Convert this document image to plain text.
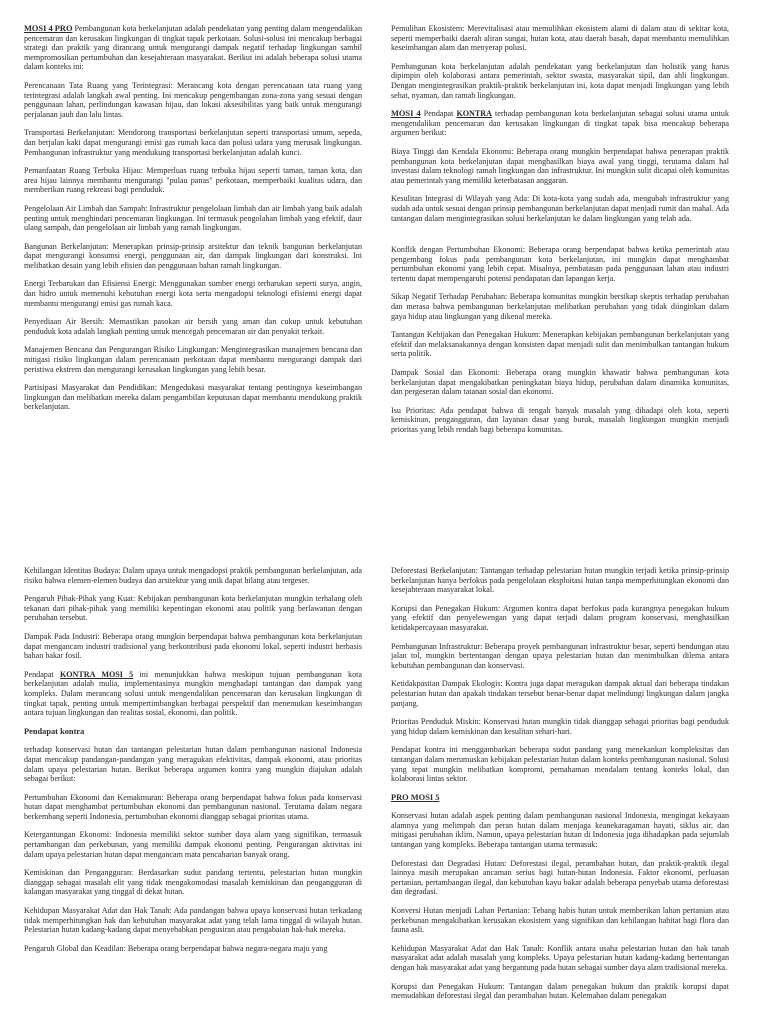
MOSI 4 PRO Pembangunan kota berkelanjutan adalah pendekatan yang penting dalam mengendalikan pencemaran dan kerusakan lingkungan di tingkat tapak perkotaan. Solusi-solusi ini mencakup berbagai strategi dan praktik yang dirancang untuk mengurangi dampak negatif terhadap lingkungan sambil mempromosikan pertumbuhan dan kesejahteraan masyarakat. Berikut ini adalah beberapa solusi utama dalam konteks ini:

Perencanaan Tata Ruang yang Terintegrasi: Merancang kota dengan perencanaan tata ruang yang terintegrasi adalah langkah awal penting. Ini mencakup pengembangan zona-zona yang sesuai dengan penggunaan lahan, perlindungan kawasan hijau, dan lokasi aksesibilitas yang baik untuk mengurangi perjalanan jauh dan lalu lintas.

Transportasi Berkelanjutan: Mendorong transportasi berkelanjutan seperti transportasi umum, sepeda, dan berjalan kaki dapat mengurangi emisi gas rumah kaca dan polusi udara yang merusak lingkungan. Pembangunan infrastruktur yang mendukung transportasi berkelanjutan adalah kunci.

Pemanfaatan Ruang Terbuka Hijau: Memperluas ruang terbuka hijau seperti taman, taman kota, dan area hijau lainnya membantu mengurangi "pulau panas" perkotaan, memperbaiki kualitas udara, dan memberikan ruang rekreasi bagi penduduk.

Pengelolaan Air Limbah dan Sampah: Infrastruktur pengelolaan limbah dan air limbah yang baik adalah penting untuk menghindari pencemaran lingkungan. Ini termasuk pengolahan limbah yang efektif, daur ulang sampah, dan pengelolaan air limbah yang ramah lingkungan.

Bangunan Berkelanjutan: Menerapkan prinsip-prinsip arsitektur dan teknik bangunan berkelanjutan dapat mengurangi konsumsi energi, penggunaan air, dan dampak lingkungan dari konstruksi. Ini melibatkan desain yang lebih efisien dan penggunaan bahan ramah lingkungan.

Energi Terbarukan dan Efisiensi Energi: Menggunakan sumber energi terbarukan seperti surya, angin, dan hidro untuk memenuhi kebutuhan energi kota serta mengadopsi teknologi efisiensi energi dapat membantu mengurangi emisi gas rumah kaca.

Penyediaan Air Bersih: Memastikan pasokan air bersih yang aman dan cukup untuk kebutuhan penduduk kota adalah langkah penting untuk mencegah pencemaran air dan penyakit terkait.

Manajemen Bencana dan Pengurangan Risiko Lingkungan: Mengintegrasikan manajemen bencana dan mitigasi risiko lingkungan dalam perencanaan perkotaan dapat membantu mengurangi dampak dari peristiwa ekstrem dan mengurangi kerusakan lingkungan yang lebih besar.

Partisipasi Masyarakat dan Pendidikan: Mengedukasi masyarakat tentang pentingnya keseimbangan lingkungan dan melibatkan mereka dalam pengambilan keputusan dapat membantu mendukung praktik berkelanjutan.

Pemulihan Ekosistem: Merevitalisasi atau memulihkan ekosistem alami di dalam atau di sekitar kota, seperti memperbaiki daerah aliran sungai, hutan kota, atau daerah basah, dapat membantu memulihkan keseimbangan alam dan menyerap polusi.

Pembangunan kota berkelanjutan adalah pendekatan yang berkelanjutan dan holistik yang harus dipimpin oleh kolaborasi antara pemerintah, sektor swasta, masyarakat sipil, dan ahli lingkungan. Dengan mengintegrasikan praktik-praktik berkelanjutan ini, kota dapat menjadi lingkungan yang lebih sehat, nyaman, dan ramah lingkungan.

MOSI 4 Pendapat KONTRA terhadap pembangunan kota berkelanjutan sebagai solusi utama untuk mengendalikan pencemaran dan kerusakan lingkungan di tingkat tapak bisa mencakup beberapa argumen berikut:

Biaya Tinggi dan Kendala Ekonomi: Beberapa orang mungkin berpendapat bahwa penerapan praktik pembangunan kota berkelanjutan dapat menghasilkan biaya awal yang tinggi, terutama dalam hal investasi dalam teknologi ramah lingkungan dan infrastruktur. Ini mungkin sulit dicapai oleh komunitas atau pemerintah yang memiliki keterbatasan anggaran.

Kesulitan Integrasi di Wilayah yang Ada: Di kota-kota yang sudah ada, mengubah infrastruktur yang sudah ada untuk sesuai dengan prinsip pembangunan berkelanjutan dapat menjadi rumit dan mahal. Ada tantangan dalam mengintegrasikan solusi berkelanjutan ke dalam lingkungan yang telah ada.

Konflik dengan Pertumbuhan Ekonomi: Beberapa orang berpendapat bahwa ketika pemerintah atau pengembang fokus pada pembangunan kota berkelanjutan, ini mungkin dapat menghambat pertumbuhan ekonomi yang lebih cepat. Misalnya, pembatasan pada penggunaan lahan atau industri tertentu dapat mempengaruhi potensi pendapatan dan lapangan kerja.

Sikap Negatif Terhadap Perubahan: Beberapa komunitas mungkin bersikap skeptis terhadap perubahan dan merasa bahwa pembangunan berkelanjutan melibatkan perubahan yang tidak diinginkan dalam gaya hidup atau lingkungan yang dikenal mereka.

Tantangan Kebijakan dan Penegakan Hukum: Menerapkan kebijakan pembangunan berkelanjutan yang efektif dan melaksanakannya dengan konsisten dapat menjadi sulit dan menimbulkan tantangan hukum serta politik.

Dampak Sosial dan Ekonomi: Beberapa orang mungkin khawatir bahwa pembangunan kota berkelanjutan dapat mengakibatkan peningkatan biaya hidup, perubahan dalam dinamika komunitas, dan pergeseran dalam tatanan sosial dan ekonomi.

Isu Prioritas: Ada pendapat bahwa di tengah banyak masalah yang dihadapi oleh kota, seperti kemiskinan, pengangguran, dan layanan dasar yang buruk, masalah lingkungan mungkin menjadi prioritas yang lebih rendah bagi beberapa komunitas.

Kehilangan Identitas Budaya: Dalam upaya untuk mengadopsi praktik pembangunan berkelanjutan, ada risiko bahwa elemen-elemen budaya dan arsitektur yang unik dapat hilang atau tergeser.

Pengaruh Pihak-Pihak yang Kuat: Kebijakan pembangunan kota berkelanjutan mungkin terhalang oleh tekanan dari pihak-pihak yang memiliki kepentingan ekonomi atau politik yang berlawanan dengan perubahan tersebut.

Dampak Pada Industri: Beberapa orang mungkin berpendapat bahwa pembangunan kota berkelanjutan dapat mengancam industri tradisional yang berkontribusi pada ekonomi lokal, seperti industri berbasis bahan bakar fosil.

Pendapat KONTRA MOSI 5 ini menunjukkan bahwa meskipun tujuan pembangunan kota berkelanjutan adalah mulia, implementasinya mungkin menghadapi tantangan dan dampak yang kompleks. Dalam merancang solusi untuk mengendalikan pencemaran dan kerusakan lingkungan di tingkat tapak, penting untuk mempertimbangkan berbagai perspektif dan menemukan keseimbangan antara tujuan lingkungan dan realitas sosial, ekonomi, dan politik.

Pendapat kontra

terhadap konservasi hutan dan tantangan pelestarian hutan dalam pembangunan nasional Indonesia dapat mencakup pandangan-pandangan yang meragukan efektivitas, dampak ekonomi, atau prioritas dalam upaya pelestarian hutan. Berikut beberapa argumen kontra yang mungkin diajukan adalah sebagai berikut:

Pertumbuhan Ekonomi dan Kemakmuran: Beberapa orang berpendapat bahwa fokus pada konservasi hutan dapat menghambat pertumbuhan ekonomi dan pembangunan nasional. Terutama dalam negara berkembang seperti Indonesia, pertumbuhan ekonomi dianggap sebagai prioritas utama.

Ketergantungan Ekonomi: Indonesia memiliki sektor sumber daya alam yang signifikan, termasuk pertambangan dan perkebunan, yang memiliki dampak ekonomi penting. Pengurangan aktivitas ini dalam upaya pelestarian hutan dapat mengancam mata pencaharian banyak orang.

Kemiskinan dan Pengangguran: Berdasarkan sudut pandang tertentu, pelestarian hutan mungkin dianggap sebagai masalah elit yang tidak mengakomodasi masalah kemiskinan dan pengangguran di kalangan masyarakat yang tinggal di dekat hutan.

Kehidupan Masyarakat Adat dan Hak Tanah: Ada pandangan bahwa upaya konservasi hutan terkadang tidak memperhitungkan hak dan kebutuhan masyarakat adat yang telah lama tinggal di wilayah hutan. Pelestarian hutan kadang-kadang dapat menyebabkan pengusiran atau pengabaian hak-hak mereka.

Pengaruh Global dan Keadilan: Beberapa orang berpendapat bahwa negara-negara maju yang

Deforestasi Berkelanjutan: Tantangan terhadap pelestarian hutan mungkin terjadi ketika prinsip-prinsip berkelanjutan hanya berfokus pada pengelolaan eksploitasi hutan tanpa memperhitungkan ekonomi dan kesejahteraan masyarakat lokal.

Korupsi dan Penegakan Hukum: Argumen kontra dapat berfokus pada kurangnya penegakan hukum yang efektif dan penyelewengan yang dapat terjadi dalam program konservasi, menghasilkan ketidakpercayaan masyarakat.

Pembangunan Infrastruktur: Beberapa proyek pembangunan infrastruktur besar, seperti bendungan atau jalan tol, mungkin bertentangan dengan upaya pelestarian hutan dan menimbulkan dilema antara kebutuhan pembangunan dan konservasi.

Ketidakpastian Dampak Ekologis: Kontra juga dapat meragukan dampak aktual dari beberapa tindakan pelestarian hutan dan apakah tindakan tersebut benar-benar dapat melindungi lingkungan dalam jangka panjang.

Prioritas Penduduk Miskin: Konservasi hutan mungkin tidak dianggap sebagai prioritas bagi penduduk yang hidup dalam kemiskinan dan kesulitan sehari-hari.

Pendapat kontra ini menggambarkan beberapa sudut pandang yang menekankan kompleksitas dan tantangan dalam merumuskan kebijakan pelestarian hutan dalam konteks pembangunan nasional. Solusi yang tepat mungkin melibatkan kompromi, pemahaman mendalam tentang konteks lokal, dan kolaborasi lintas sektor.

PRO MOSI 5

Konservasi hutan adalah aspek penting dalam pembangunan nasional Indonesia, mengingat kekayaan alamnya yang melimpah dan peran hutan dalam menjaga keanekaragaman hayati, siklus air, dan mitigasi perubahan iklim. Namun, upaya pelestarian hutan di Indonesia juga dihadapkan pada sejumlah tantangan yang kompleks. Beberapa tantangan utama termasuk:

Deforestasi dan Degradasi Hutan: Deforestasi ilegal, perambahan hutan, dan praktik-praktik ilegal lainnya masih merupakan ancaman serius bagi hutan-hutan Indonesia. Faktor ekonomi, perluasan pertanian, pertambangan ilegal, dan kebutuhan kayu bakar adalah beberapa penyebab utama deforestasi dan degradasi.

Konversi Hutan menjadi Lahan Pertanian: Tebang habis hutan untuk memberikan lahan pertanian atau perkebunan mengakibatkan kerusakan ekosistem yang signifikan dan kehilangan habitat bagi flora dan fauna asli.

Kehidupan Masyarakat Adat dan Hak Tanah: Konflik antara usaha pelestarian hutan dan hak tanah masyarakat adat adalah masalah yang kompleks. Upaya pelestarian hutan kadang-kadang bertentangan dengan hak masyarakat adat yang bergantung pada hutan sebagai sumber daya alam tradisional mereka.

Korupsi dan Penegakan Hukum: Tantangan dalam penegakan hukum dan praktik korupsi dapat memudahkan deforestasi ilegal dan perambahan hutan. Kelemahan dalam penegakan
